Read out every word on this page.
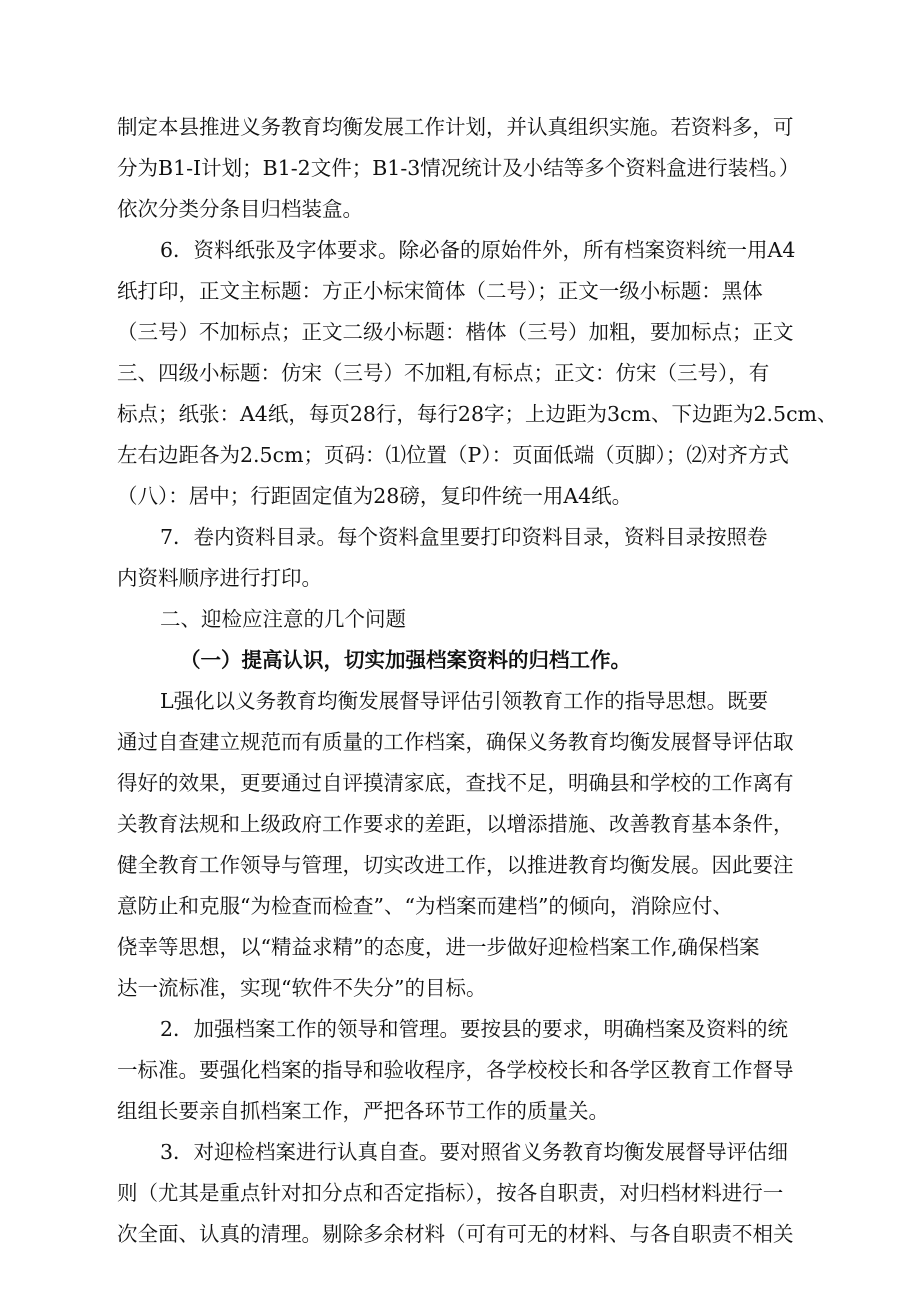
制定本县推进义务教育均衡发展工作计划，并认真组织实施。若资料多，可
分为B1-I计划；B1-2文件；B1-3情况统计及小结等多个资料盒进行装档。）
依次分类分条目归档装盒。
6．资料纸张及字体要求。除必备的原始件外，所有档案资料统一用A4
纸打印，正文主标题：方正小标宋简体（二号）；正文一级小标题：黑体
（三号）不加标点；正文二级小标题：楷体（三号）加粗，要加标点；正文
三、四级小标题：仿宋（三号）不加粗,有标点；正文：仿宋（三号），有
标点；纸张：A4纸，每页28行，每行28字；上边距为3cm、下边距为2.5cm、
左右边距各为2.5cm；页码：⑴位置（P）：页面低端（页脚）；⑵对齐方式
（八）：居中；行距固定值为28磅，复印件统一用A4纸。
7．卷内资料目录。每个资料盒里要打印资料目录，资料目录按照卷
内资料顺序进行打印。
二、迎检应注意的几个问题
（一）提高认识，切实加强档案资料的归档工作。
L强化以义务教育均衡发展督导评估引领教育工作的指导思想。既要
通过自查建立规范而有质量的工作档案，确保义务教育均衡发展督导评估取
得好的效果，更要通过自评摸清家底，查找不足，明确县和学校的工作离有
关教育法规和上级政府工作要求的差距，以增添措施、改善教育基本条件，
健全教育工作领导与管理，切实改进工作，以推进教育均衡发展。因此要注
意防止和克服“为检查而检查”、“为档案而建档”的倾向，消除应付、
侥幸等思想，以“精益求精”的态度，进一步做好迎检档案工作,确保档案
达一流标准，实现“软件不失分”的目标。
2．加强档案工作的领导和管理。要按县的要求，明确档案及资料的统
一标准。要强化档案的指导和验收程序，各学校校长和各学区教育工作督导
组组长要亲自抓档案工作，严把各环节工作的质量关。
3．对迎检档案进行认真自查。要对照省义务教育均衡发展督导评估细
则（尤其是重点针对扣分点和否定指标），按各自职责，对归档材料进行一
次全面、认真的清理。剔除多余材料（可有可无的材料、与各自职责不相关
